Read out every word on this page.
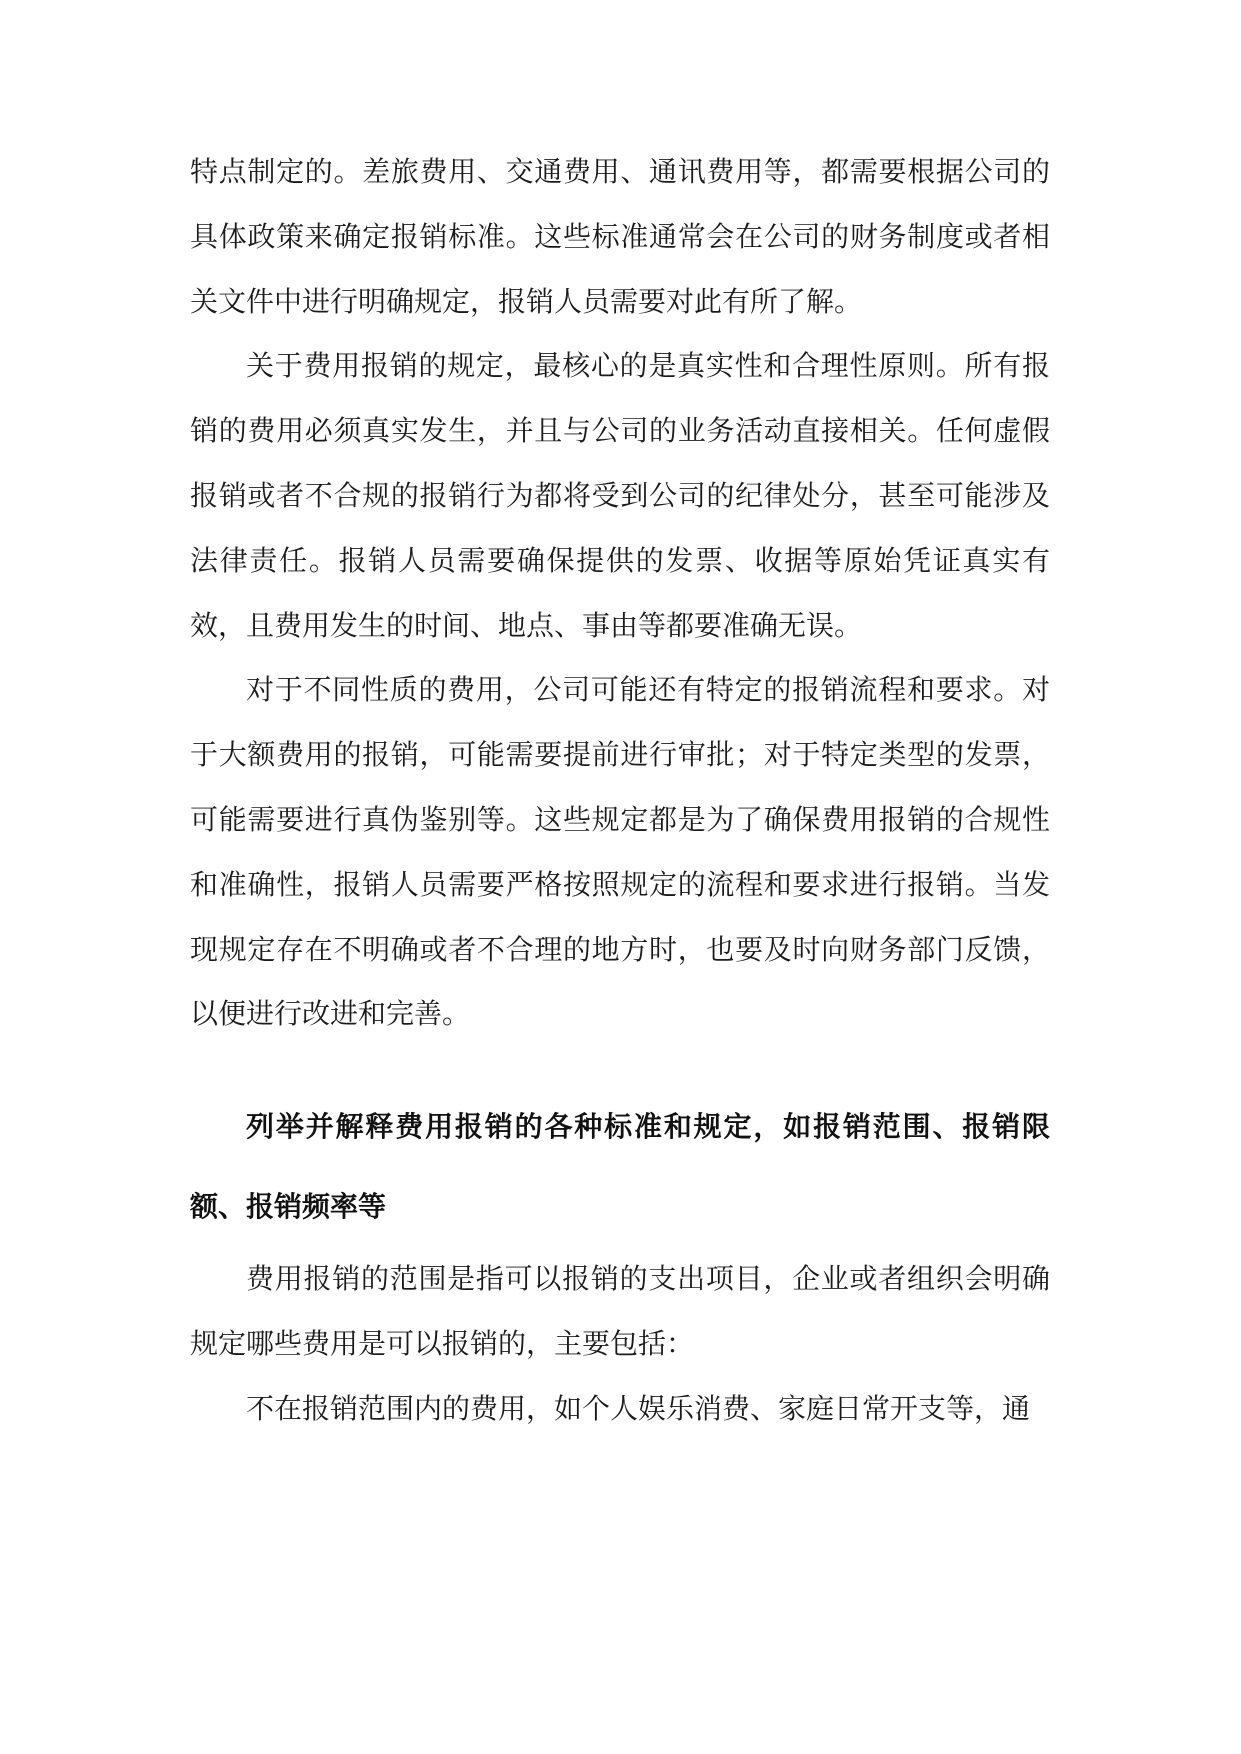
特点制定的。差旅费用、交通费用、通讯费用等，都需要根据公司的具体政策来确定报销标准。这些标准通常会在公司的财务制度或者相关文件中进行明确规定，报销人员需要对此有所了解。

关于费用报销的规定，最核心的是真实性和合理性原则。所有报销的费用必须真实发生，并且与公司的业务活动直接相关。任何虚假报销或者不合规的报销行为都将受到公司的纪律处分，甚至可能涉及法律责任。报销人员需要确保提供的发票、收据等原始凭证真实有效，且费用发生的时间、地点、事由等都要准确无误。

对于不同性质的费用，公司可能还有特定的报销流程和要求。对于大额费用的报销，可能需要提前进行审批；对于特定类型的发票，可能需要进行真伪鉴别等。这些规定都是为了确保费用报销的合规性和准确性，报销人员需要严格按照规定的流程和要求进行报销。当发现规定存在不明确或者不合理的地方时，也要及时向财务部门反馈，以便进行改进和完善。

列举并解释费用报销的各种标准和规定，如报销范围、报销限额、报销频率等

费用报销的范围是指可以报销的支出项目，企业或者组织会明确规定哪些费用是可以报销的，主要包括：

不在报销范围内的费用，如个人娱乐消费、家庭日常开支等，通
